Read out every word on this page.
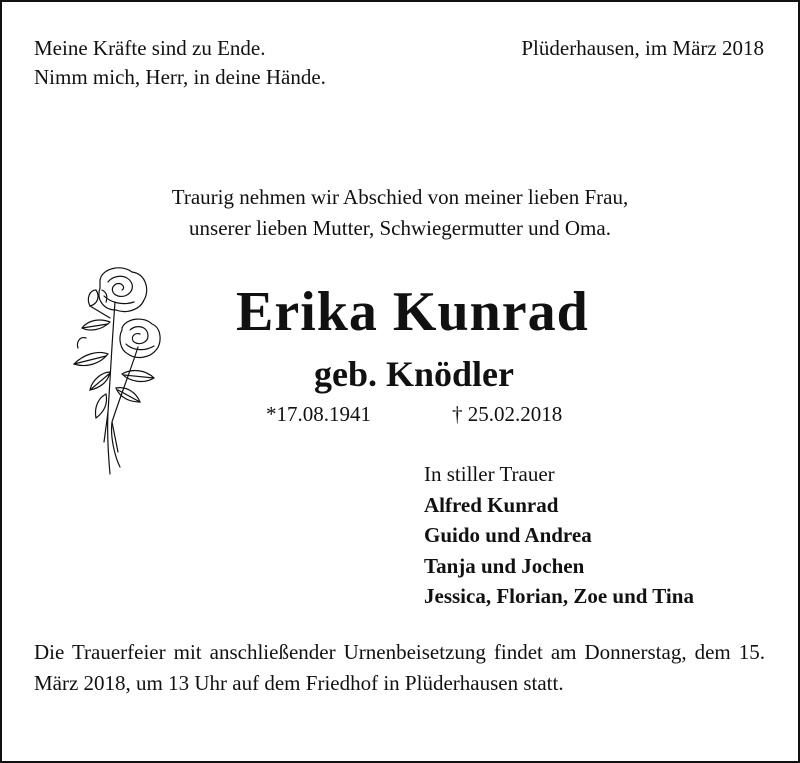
Meine Kräfte sind zu Ende.
Nimm mich, Herr, in deine Hände.
Plüderhausen, im März 2018
Traurig nehmen wir Abschied von meiner lieben Frau,
unserer lieben Mutter, Schwiegermutter und Oma.
Erika Kunrad
geb. Knödler
*17.08.1941	† 25.02.2018
In stiller Trauer
Alfred Kunrad
Guido und Andrea
Tanja und Jochen
Jessica, Florian, Zoe und Tina
Die Trauerfeier mit anschließender Urnenbeisetzung findet am Donnerstag, dem 15. März 2018, um 13 Uhr auf dem Friedhof in Plüderhausen statt.
